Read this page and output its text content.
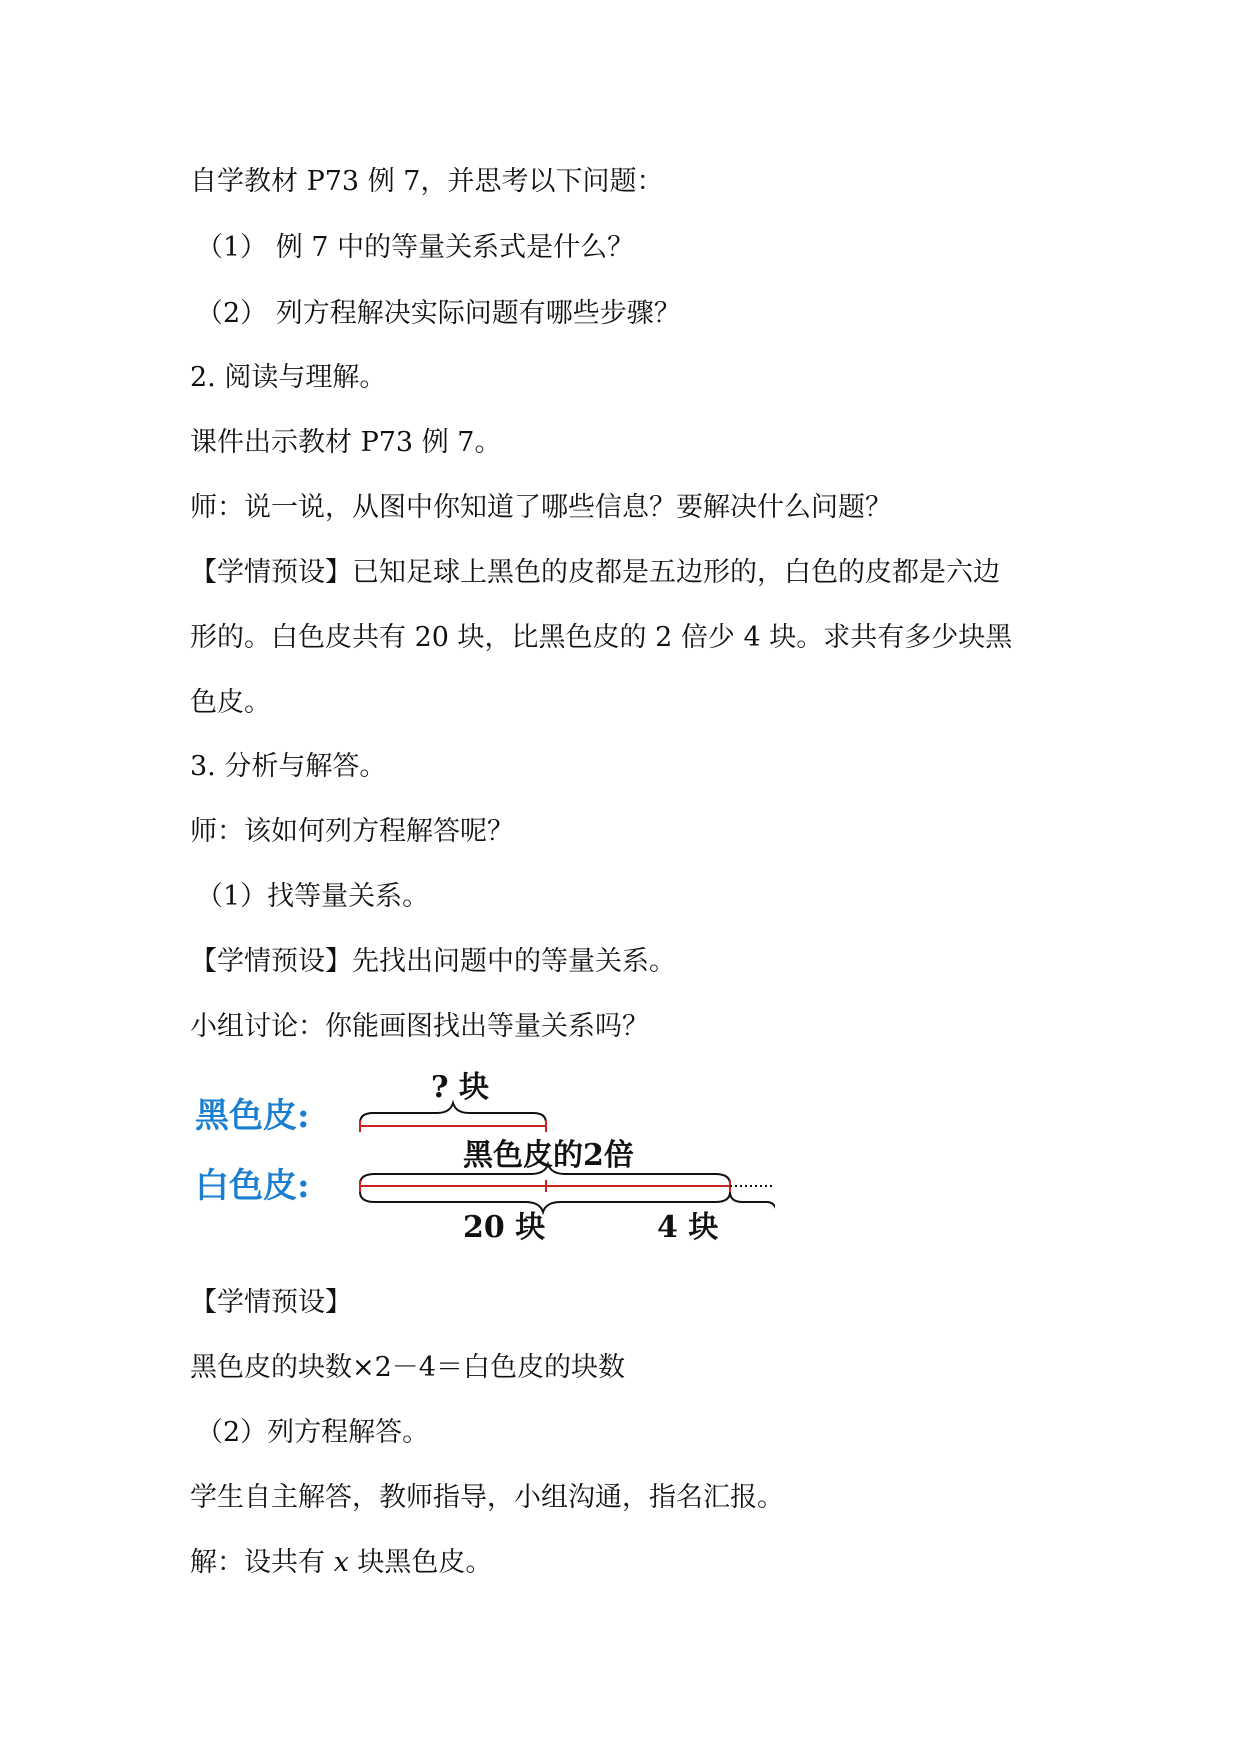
自学教材 P73 例 7，并思考以下问题：
（1） 例 7 中的等量关系式是什么？
（2） 列方程解决实际问题有哪些步骤？
2. 阅读与理解。
课件出示教材 P73 例 7。
师：说一说，从图中你知道了哪些信息？要解决什么问题？
【学情预设】已知足球上黑色的皮都是五边形的，白色的皮都是六边
形的。白色皮共有 20 块，比黑色皮的 2 倍少 4 块。求共有多少块黑
色皮。
3. 分析与解答。
师：该如何列方程解答呢？
（1）找等量关系。
【学情预设】先找出问题中的等量关系。
小组讨论：你能画图找出等量关系吗？
黑色皮:
白色皮:
? 块
黑色皮的2倍
20 块	4 块
【学情预设】
黑色皮的块数×2－4＝白色皮的块数
（2）列方程解答。
学生自主解答，教师指导，小组沟通，指名汇报。
解：设共有 x 块黑色皮。
